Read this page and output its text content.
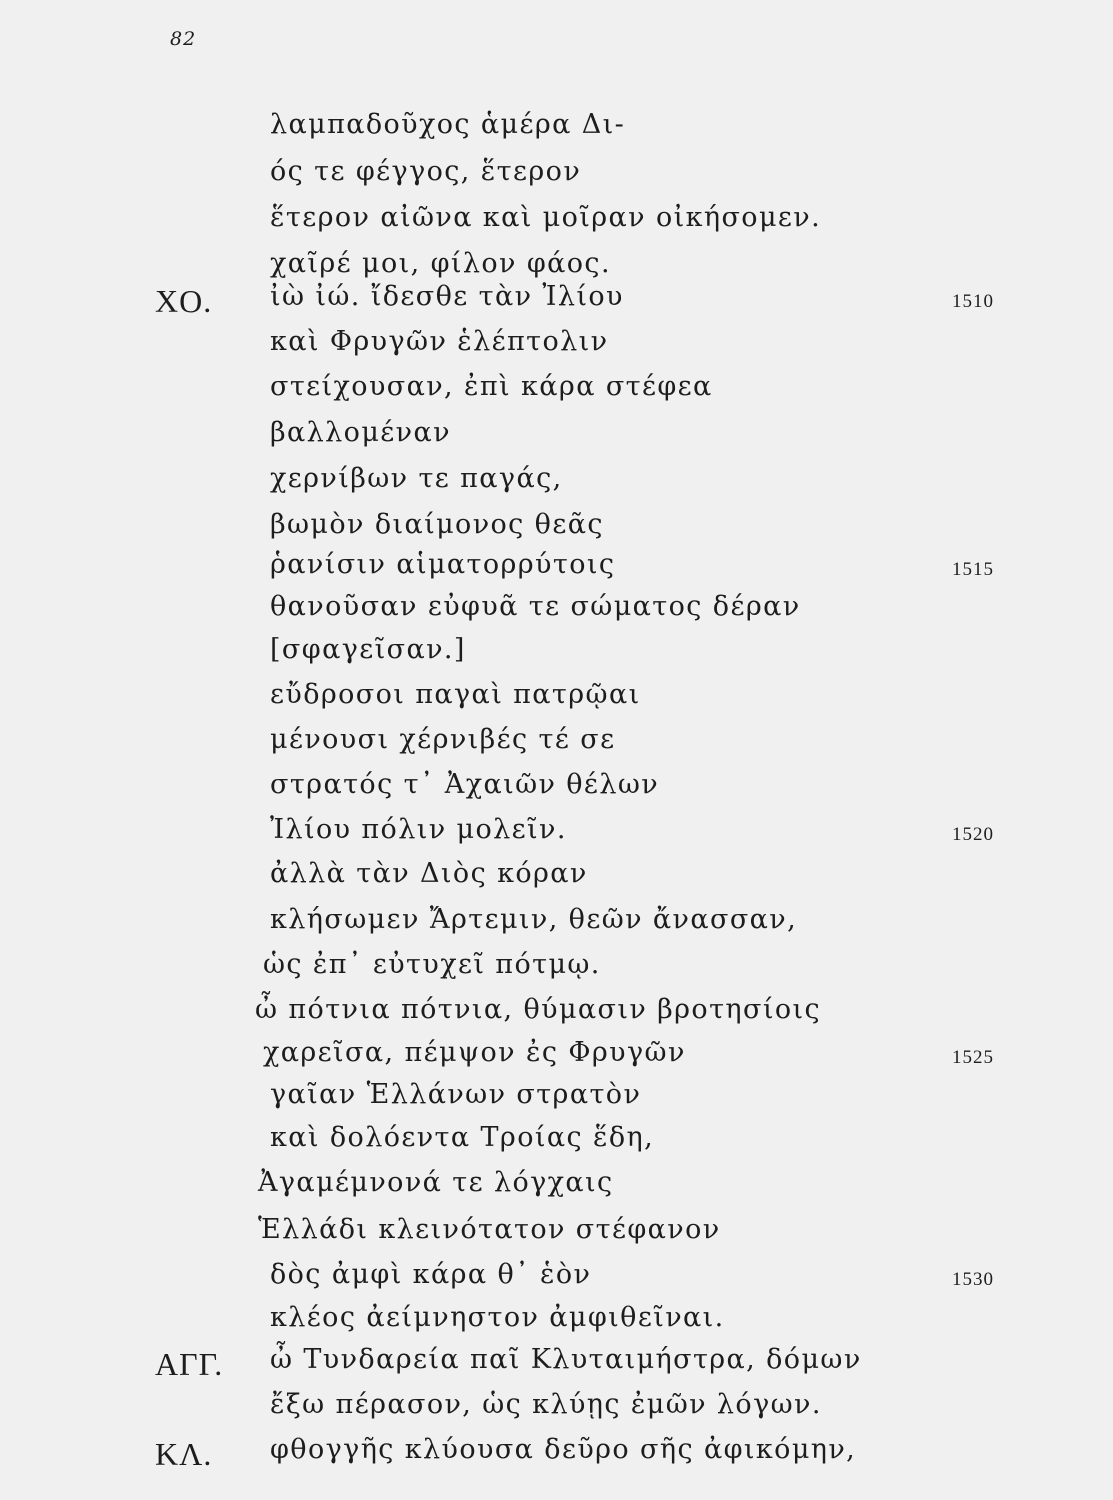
82
λαμπαδοῦχος ἁμέρα Δι-
ός τε φέγγος, ἕτερον
ἕτερον αἰῶνα καὶ μοῖραν οἰκήσομεν.
χαῖρέ μοι, φίλον φάος.
ΧΟ. ἰὼ ἰώ. ἴδεσθε τὰν Ἰλίου	1510
καὶ Φρυγῶν ἑλέπτολιν
στείχουσαν, ἐπὶ κάρα στέφεα
βαλλομέναν
χερνίβων τε παγάς,
βωμὸν διαίμονος θεᾶς
ῥανίσιν αἱματορρύτοις	1515
θανοῦσαν εὐφυᾶ τε σώματος δέραν
[σφαγεῖσαν.]
εὔδροσοι παγαὶ πατρῷαι
μένουσι χέρνιβές τέ σε
στρατός τ᾽ Ἀχαιῶν θέλων
Ἰλίου πόλιν μολεῖν.	1520
ἀλλὰ τὰν Διὸς κόραν
κλήσωμεν Ἄρτεμιν, θεῶν ἄνασσαν,
ὡς ἐπ᾽ εὐτυχεῖ πότμῳ.
ὦ πότνια πότνια, θύμασιν βροτησίοις
χαρεῖσα, πέμψον ἐς Φρυγῶν	1525
γαῖαν Ἑλλάνων στρατὸν
καὶ δολόεντα Τροίας ἕδη,
Ἀγαμέμνονά τε λόγχαις
Ἑλλάδι κλεινότατον στέφανον
δὸς ἀμφὶ κάρα θ᾽ ἑὸν	1530
κλέος ἀείμνηστον ἀμφιθεῖναι.
ΑΓΓ. ὦ Τυνδαρεία παῖ Κλυταιμήστρα, δόμων
ἔξω πέρασον, ὡς κλύῃς ἐμῶν λόγων.
ΚΛ. φθογγῆς κλύουσα δεῦρο σῆς ἀφικόμην,
